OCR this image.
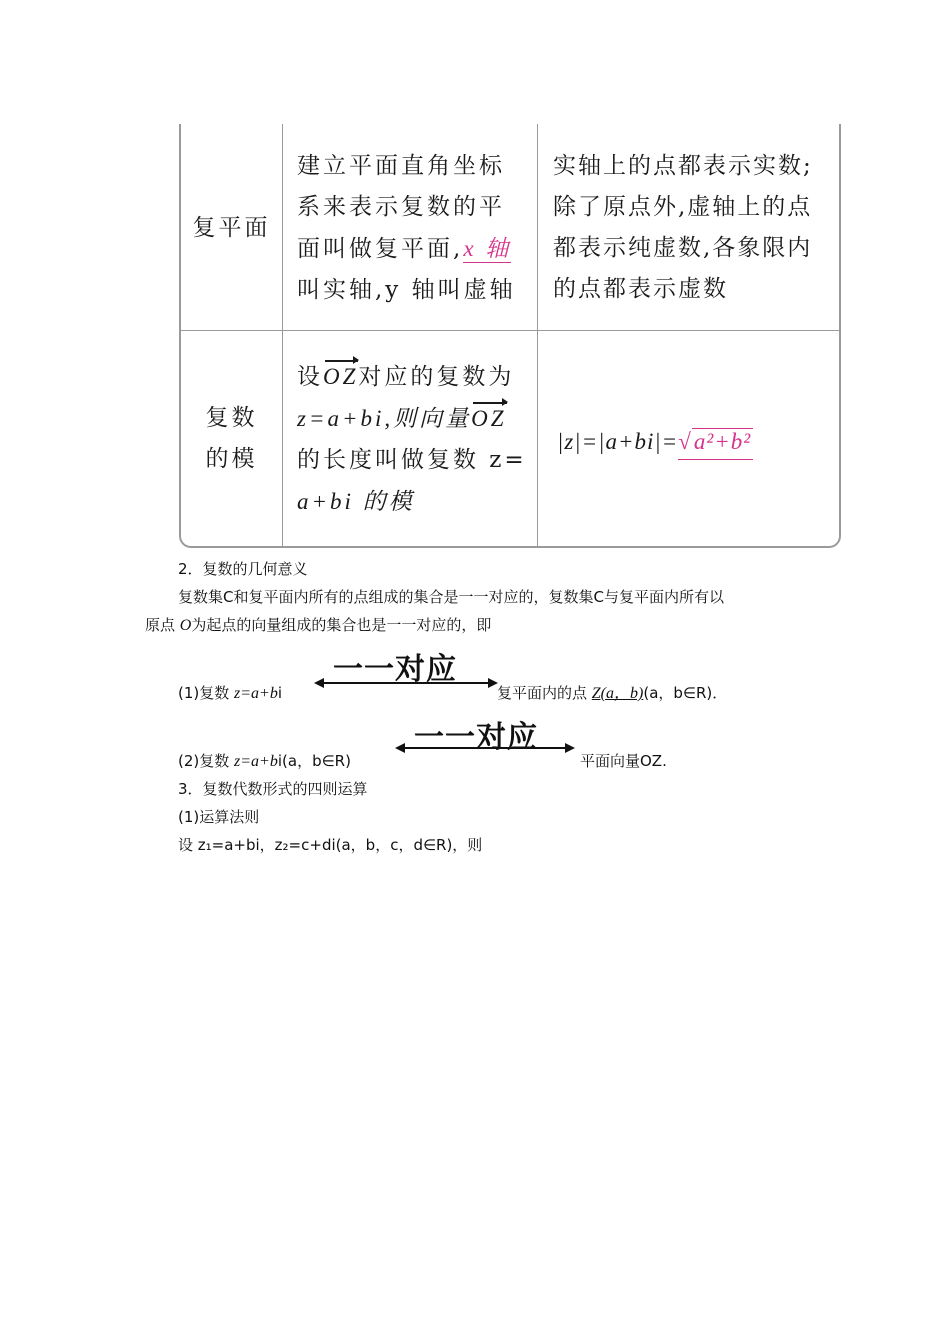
复平面
建立平面直角坐标
系来表示复数的平
面叫做复平面,x 轴
叫实轴,y 轴叫虚轴
实轴上的点都表示实数;
除了原点外,虚轴上的点
都表示纯虚数,各象限内
的点都表示虚数
复数
的模
设OZ对应的复数为
z=a+bi,则向量OZ
的长度叫做复数 z=
a+bi 的模
|z|=|a+bi|=√a²+b²
2．复数的几何意义
复数集C和复平面内所有的点组成的集合是一一对应的，复数集C与复平面内所有以
原点 O为起点的向量组成的集合也是一一对应的，即
一一对应
(1)复数 z=a+bi	复平面内的点 Z(a，b)(a，b∈R)．
一一对应
(2)复数 z=a+bi(a，b∈R)	平面向量OZ.
3．复数代数形式的四则运算
(1)运算法则
设 z₁=a+bi，z₂=c+di(a，b，c，d∈R)，则
